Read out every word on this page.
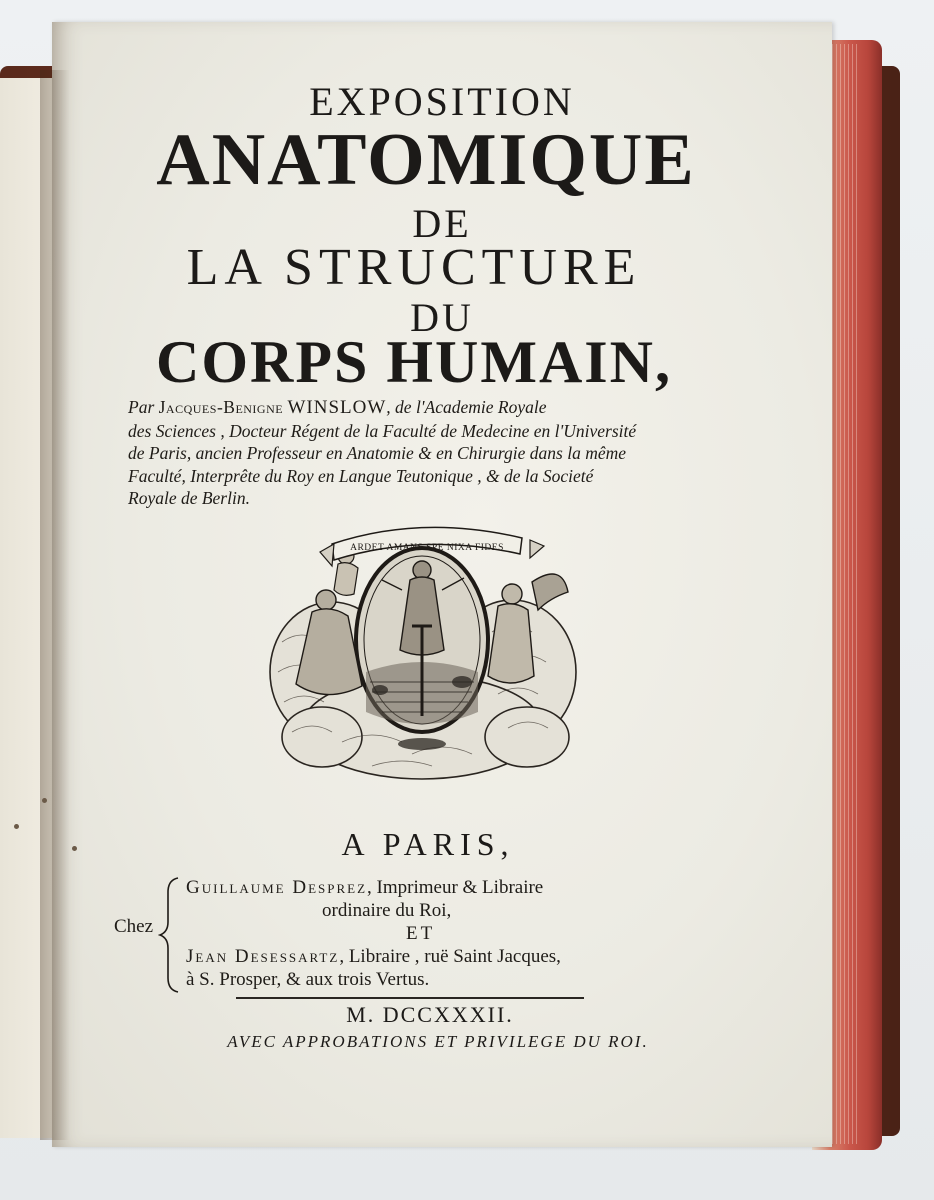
EXPOSITION
ANATOMIQUE
DE
LA STRUCTURE
DU
CORPS HUMAIN,
Par Jacques-Benigne WINSLOW, de l'Academie Royale
des Sciences , Docteur Régent de la Faculté de Medecine en l'Université
de Paris, ancien Professeur en Anatomie & en Chirurgie dans la même
Faculté, Interprête du Roy en Langue Teutonique , & de la Societé
Royale de Berlin.
ARDET AMANS SPE NIXA FIDES
A PARIS,
Chez
Guillaume Desprez, Imprimeur & Libraire
ordinaire du Roi,
ET
Jean Desessartz, Libraire , ruë Saint Jacques,
à S. Prosper, & aux trois Vertus.
M. DCCXXXII.
AVEC APPROBATIONS ET PRIVILEGE DU ROI.
